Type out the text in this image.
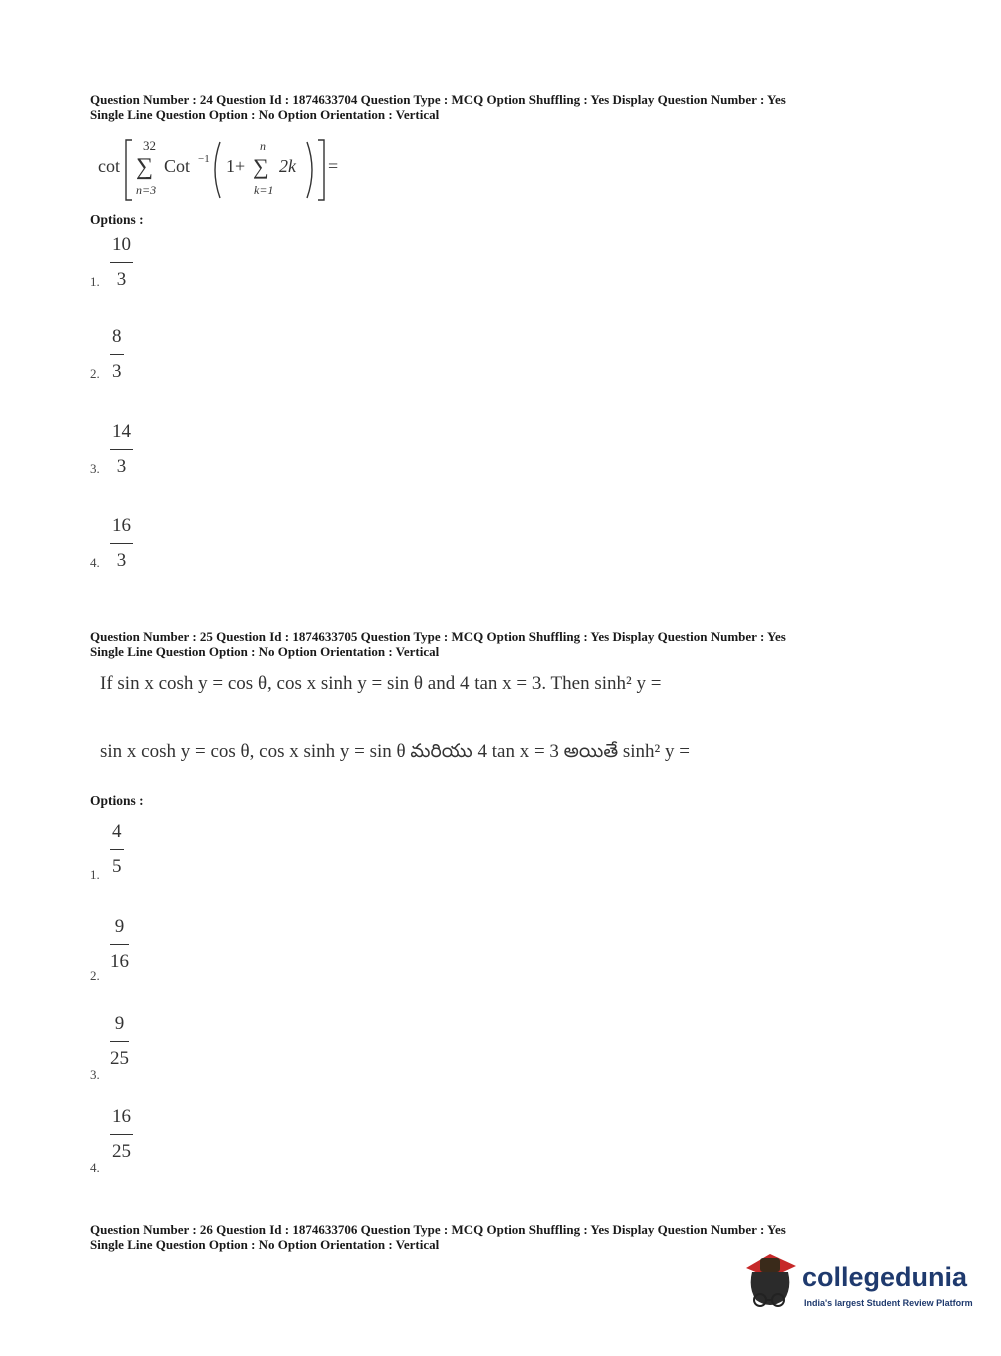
Question Number : 24 Question Id : 1874633704 Question Type : MCQ Option Shuffling : Yes Display Question Number : Yes
Single Line Question Option : No Option Orientation : Vertical
cot
32
∑
n=3
Cot −1 1+
n
∑
k=1
2k =
Options :
10
3
1.
8
3
2.
14
3
3.
16
3
4.
Question Number : 25 Question Id : 1874633705 Question Type : MCQ Option Shuffling : Yes Display Question Number : Yes
Single Line Question Option : No Option Orientation : Vertical
If sin x cosh y = cos θ, cos x sinh y = sin θ and 4 tan x = 3. Then sinh² y =
sin x cosh y = cos θ, cos x sinh y = sin θ మరియు 4 tan x = 3 అయితే sinh² y =
Options :
4
5
1.
9
16
2.
9
25
3.
16
25
4.
Question Number : 26 Question Id : 1874633706 Question Type : MCQ Option Shuffling : Yes Display Question Number : Yes
Single Line Question Option : No Option Orientation : Vertical
collegedunia
India's largest Student Review Platform
